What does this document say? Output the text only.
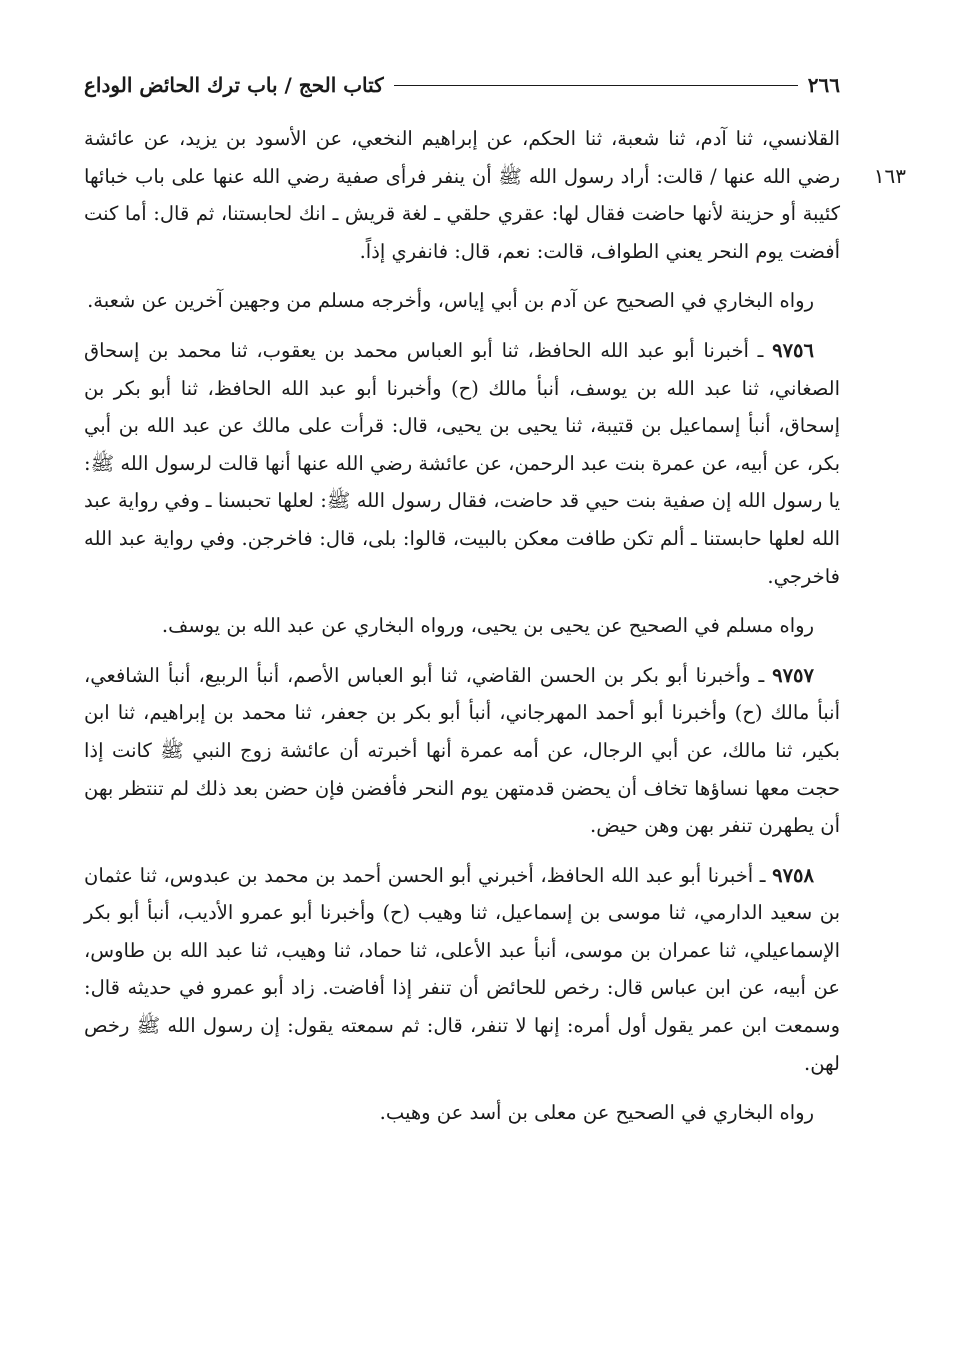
٢٦٦
كتاب الحج / باب ترك الحائض الوداع
١٦٣

القلانسي، ثنا آدم، ثنا شعبة، ثنا الحكم، عن إبراهيم النخعي، عن الأسود بن يزيد، عن عائشة رضي الله عنها / قالت: أراد رسول الله ﷺ أن ينفر فرأى صفية رضي الله عنها على باب خبائها كئيبة أو حزينة لأنها حاضت فقال لها: عقري حلقي ـ لغة قريش ـ انك لحابستنا، ثم قال: أما كنت أفضت يوم النحر يعني الطواف، قالت: نعم، قال: فانفري إذاً.

رواه البخاري في الصحيح عن آدم بن أبي إياس، وأخرجه مسلم من وجهين آخرين عن شعبة.

٩٧٥٦ ـ أخبرنا أبو عبد الله الحافظ، ثنا أبو العباس محمد بن يعقوب، ثنا محمد بن إسحاق الصغاني، ثنا عبد الله بن يوسف، أنبأ مالك (ح) وأخبرنا أبو عبد الله الحافظ، ثنا أبو بكر بن إسحاق، أنبأ إسماعيل بن قتيبة، ثنا يحيى بن يحيى، قال: قرأت على مالك عن عبد الله بن أبي بكر، عن أبيه، عن عمرة بنت عبد الرحمن، عن عائشة رضي الله عنها أنها قالت لرسول الله ﷺ: يا رسول الله إن صفية بنت حيي قد حاضت، فقال رسول الله ﷺ: لعلها تحبسنا ـ وفي رواية عبد الله لعلها حابستنا ـ ألم تكن طافت معكن بالبيت، قالوا: بلى، قال: فاخرجن. وفي رواية عبد الله فاخرجي.

رواه مسلم في الصحيح عن يحيى بن يحيى، ورواه البخاري عن عبد الله بن يوسف.

٩٧٥٧ ـ وأخبرنا أبو بكر بن الحسن القاضي، ثنا أبو العباس الأصم، أنبأ الربيع، أنبأ الشافعي، أنبأ مالك (ح) وأخبرنا أبو أحمد المهرجاني، أنبأ أبو بكر بن جعفر، ثنا محمد بن إبراهيم، ثنا ابن بكير، ثنا مالك، عن أبي الرجال، عن أمه عمرة أنها أخبرته أن عائشة زوج النبي ﷺ كانت إذا حجت معها نساؤها تخاف أن يحضن قدمتهن يوم النحر فأفضن فإن حضن بعد ذلك لم تنتظر بهن أن يطهرن تنفر بهن وهن حيض.

٩٧٥٨ ـ أخبرنا أبو عبد الله الحافظ، أخبرني أبو الحسن أحمد بن محمد بن عبدوس، ثنا عثمان بن سعيد الدارمي، ثنا موسى بن إسماعيل، ثنا وهيب (ح) وأخبرنا أبو عمرو الأديب، أنبأ أبو بكر الإسماعيلي، ثنا عمران بن موسى، أنبأ عبد الأعلى، ثنا حماد، ثنا وهيب، ثنا عبد الله بن طاوس، عن أبيه، عن ابن عباس قال: رخص للحائض أن تنفر إذا أفاضت. زاد أبو عمرو في حديثه قال: وسمعت ابن عمر يقول أول أمره: إنها لا تنفر، قال: ثم سمعته يقول: إن رسول الله ﷺ رخص لهن.

رواه البخاري في الصحيح عن معلى بن أسد عن وهيب.
